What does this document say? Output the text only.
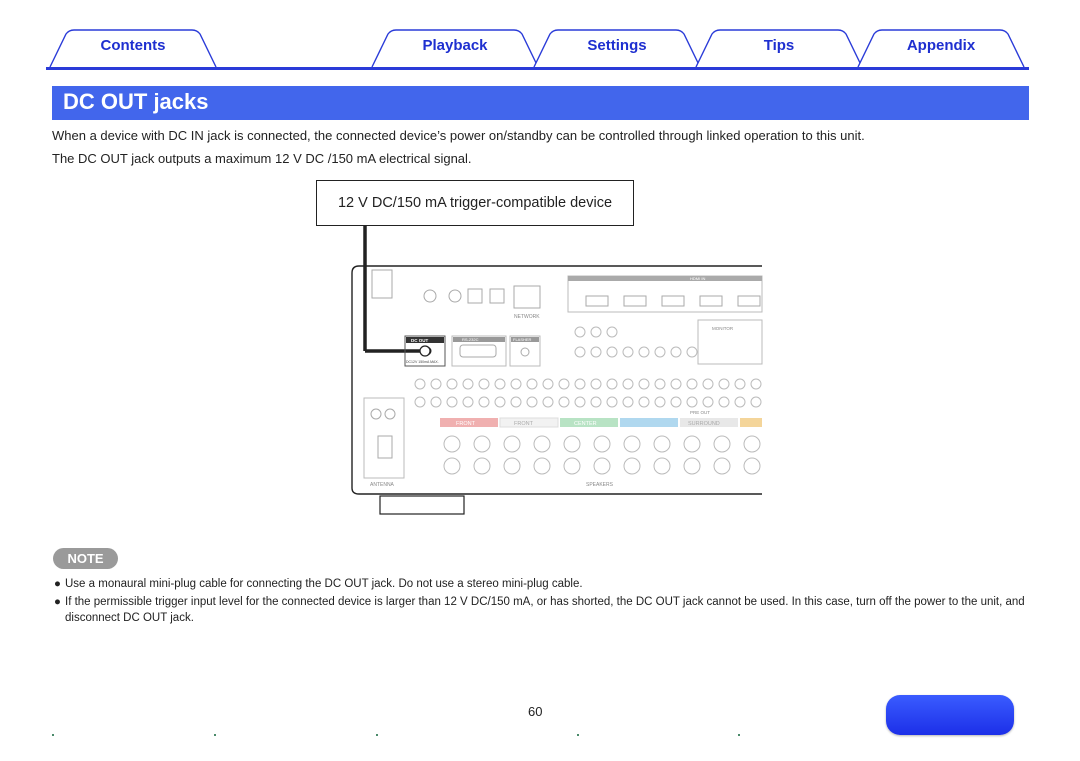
Contents	Playback	Settings	Tips	Appendix
DC OUT jacks
When a device with DC IN jack is connected, the connected device’s power on/standby can be controlled through linked operation to this unit.
The DC OUT jack outputs a maximum 12 V DC /150 mA electrical signal.
12 V DC/150 mA trigger-compatible device
ANTENNA
NETWORK
DC OUT
DC12V 150mA MAX.
RS-232C	FLASHER
HDMI IN
MONITOR
PRE OUT
FRONT	FRONT	CENTER	SURROUND
SPEAKERS
NOTE
● Use a monaural mini-plug cable for connecting the DC OUT jack. Do not use a stereo mini-plug cable.
● If the permissible trigger input level for the connected device is larger than 12 V DC/150 mA, or has shorted, the DC OUT jack cannot be used. In this case, turn off the power to the unit, and disconnect DC OUT jack.
60
